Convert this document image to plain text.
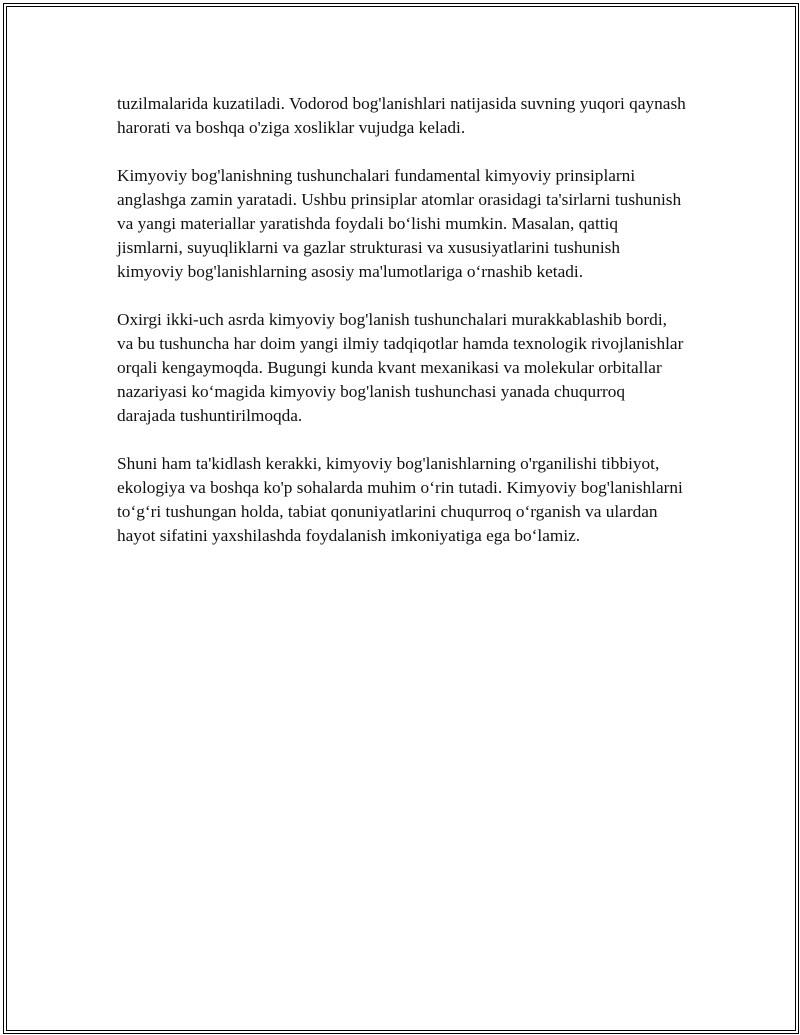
tuzilmalarida kuzatiladi. Vodorod bog'lanishlari natijasida suvning yuqori qaynash harorati va boshqa o'ziga xosliklar vujudga keladi.

Kimyoviy bog'lanishning tushunchalari fundamental kimyoviy prinsiplarni anglashga zamin yaratadi. Ushbu prinsiplar atomlar orasidagi ta'sirlarni tushunish va yangi materiallar yaratishda foydali bo‘lishi mumkin. Masalan, qattiq jismlarni, suyuqliklarni va gazlar strukturasi va xususiyatlarini tushunish kimyoviy bog'lanishlarning asosiy ma'lumotlariga o‘rnashib ketadi.

Oxirgi ikki-uch asrda kimyoviy bog'lanish tushunchalari murakkablashib bordi, va bu tushuncha har doim yangi ilmiy tadqiqotlar hamda texnologik rivojlanishlar orqali kengaymoqda. Bugungi kunda kvant mexanikasi va molekular orbitallar nazariyasi ko‘magida kimyoviy bog'lanish tushunchasi yanada chuqurroq darajada tushuntirilmoqda.

Shuni ham ta'kidlash kerakki, kimyoviy bog'lanishlarning o'rganilishi tibbiyot, ekologiya va boshqa ko'p sohalarda muhim o‘rin tutadi. Kimyoviy bog'lanishlarni to‘g‘ri tushungan holda, tabiat qonuniyatlarini chuqurroq o‘rganish va ulardan hayot sifatini yaxshilashda foydalanish imkoniyatiga ega bo‘lamiz.
